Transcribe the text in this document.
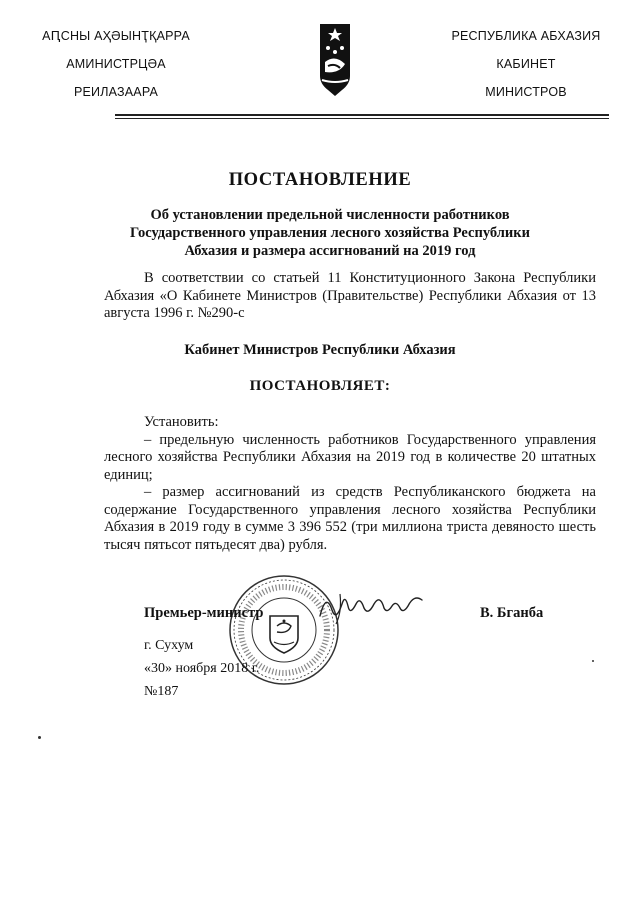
АԤСНЫ АҲӘЫНҬҚАРРА
АМИНИСТРЦӘА
РЕИЛАЗААРА
РЕСПУБЛИКА АБХАЗИЯ
КАБИНЕТ
МИНИСТРОВ
ПОСТАНОВЛЕНИЕ
Об установлении предельной численности работников Государственного управления лесного хозяйства Республики Абхазия и размера ассигнований на 2019 год
В соответствии со статьей 11 Конституционного Закона Республики Абхазия «О Кабинете Министров (Правительстве) Республики Абхазия от 13 августа 1996 г. №290-с
Кабинет Министров Республики Абхазия
ПОСТАНОВЛЯЕТ:
Установить:
– предельную численность работников Государственного управления лесного хозяйства Республики Абхазия на 2019 год в количестве 20 штатных единиц;
– размер ассигнований из средств Республиканского бюджета на содержание Государственного управления лесного хозяйства Республики Абхазия в 2019 году в сумме 3 396 552 (три миллиона триста девяносто шесть тысяч пятьсот пятьдесят два) рубля.
Премьер-министр	В. Бганба
г. Сухум
«30» ноября 2018 г.
№187
